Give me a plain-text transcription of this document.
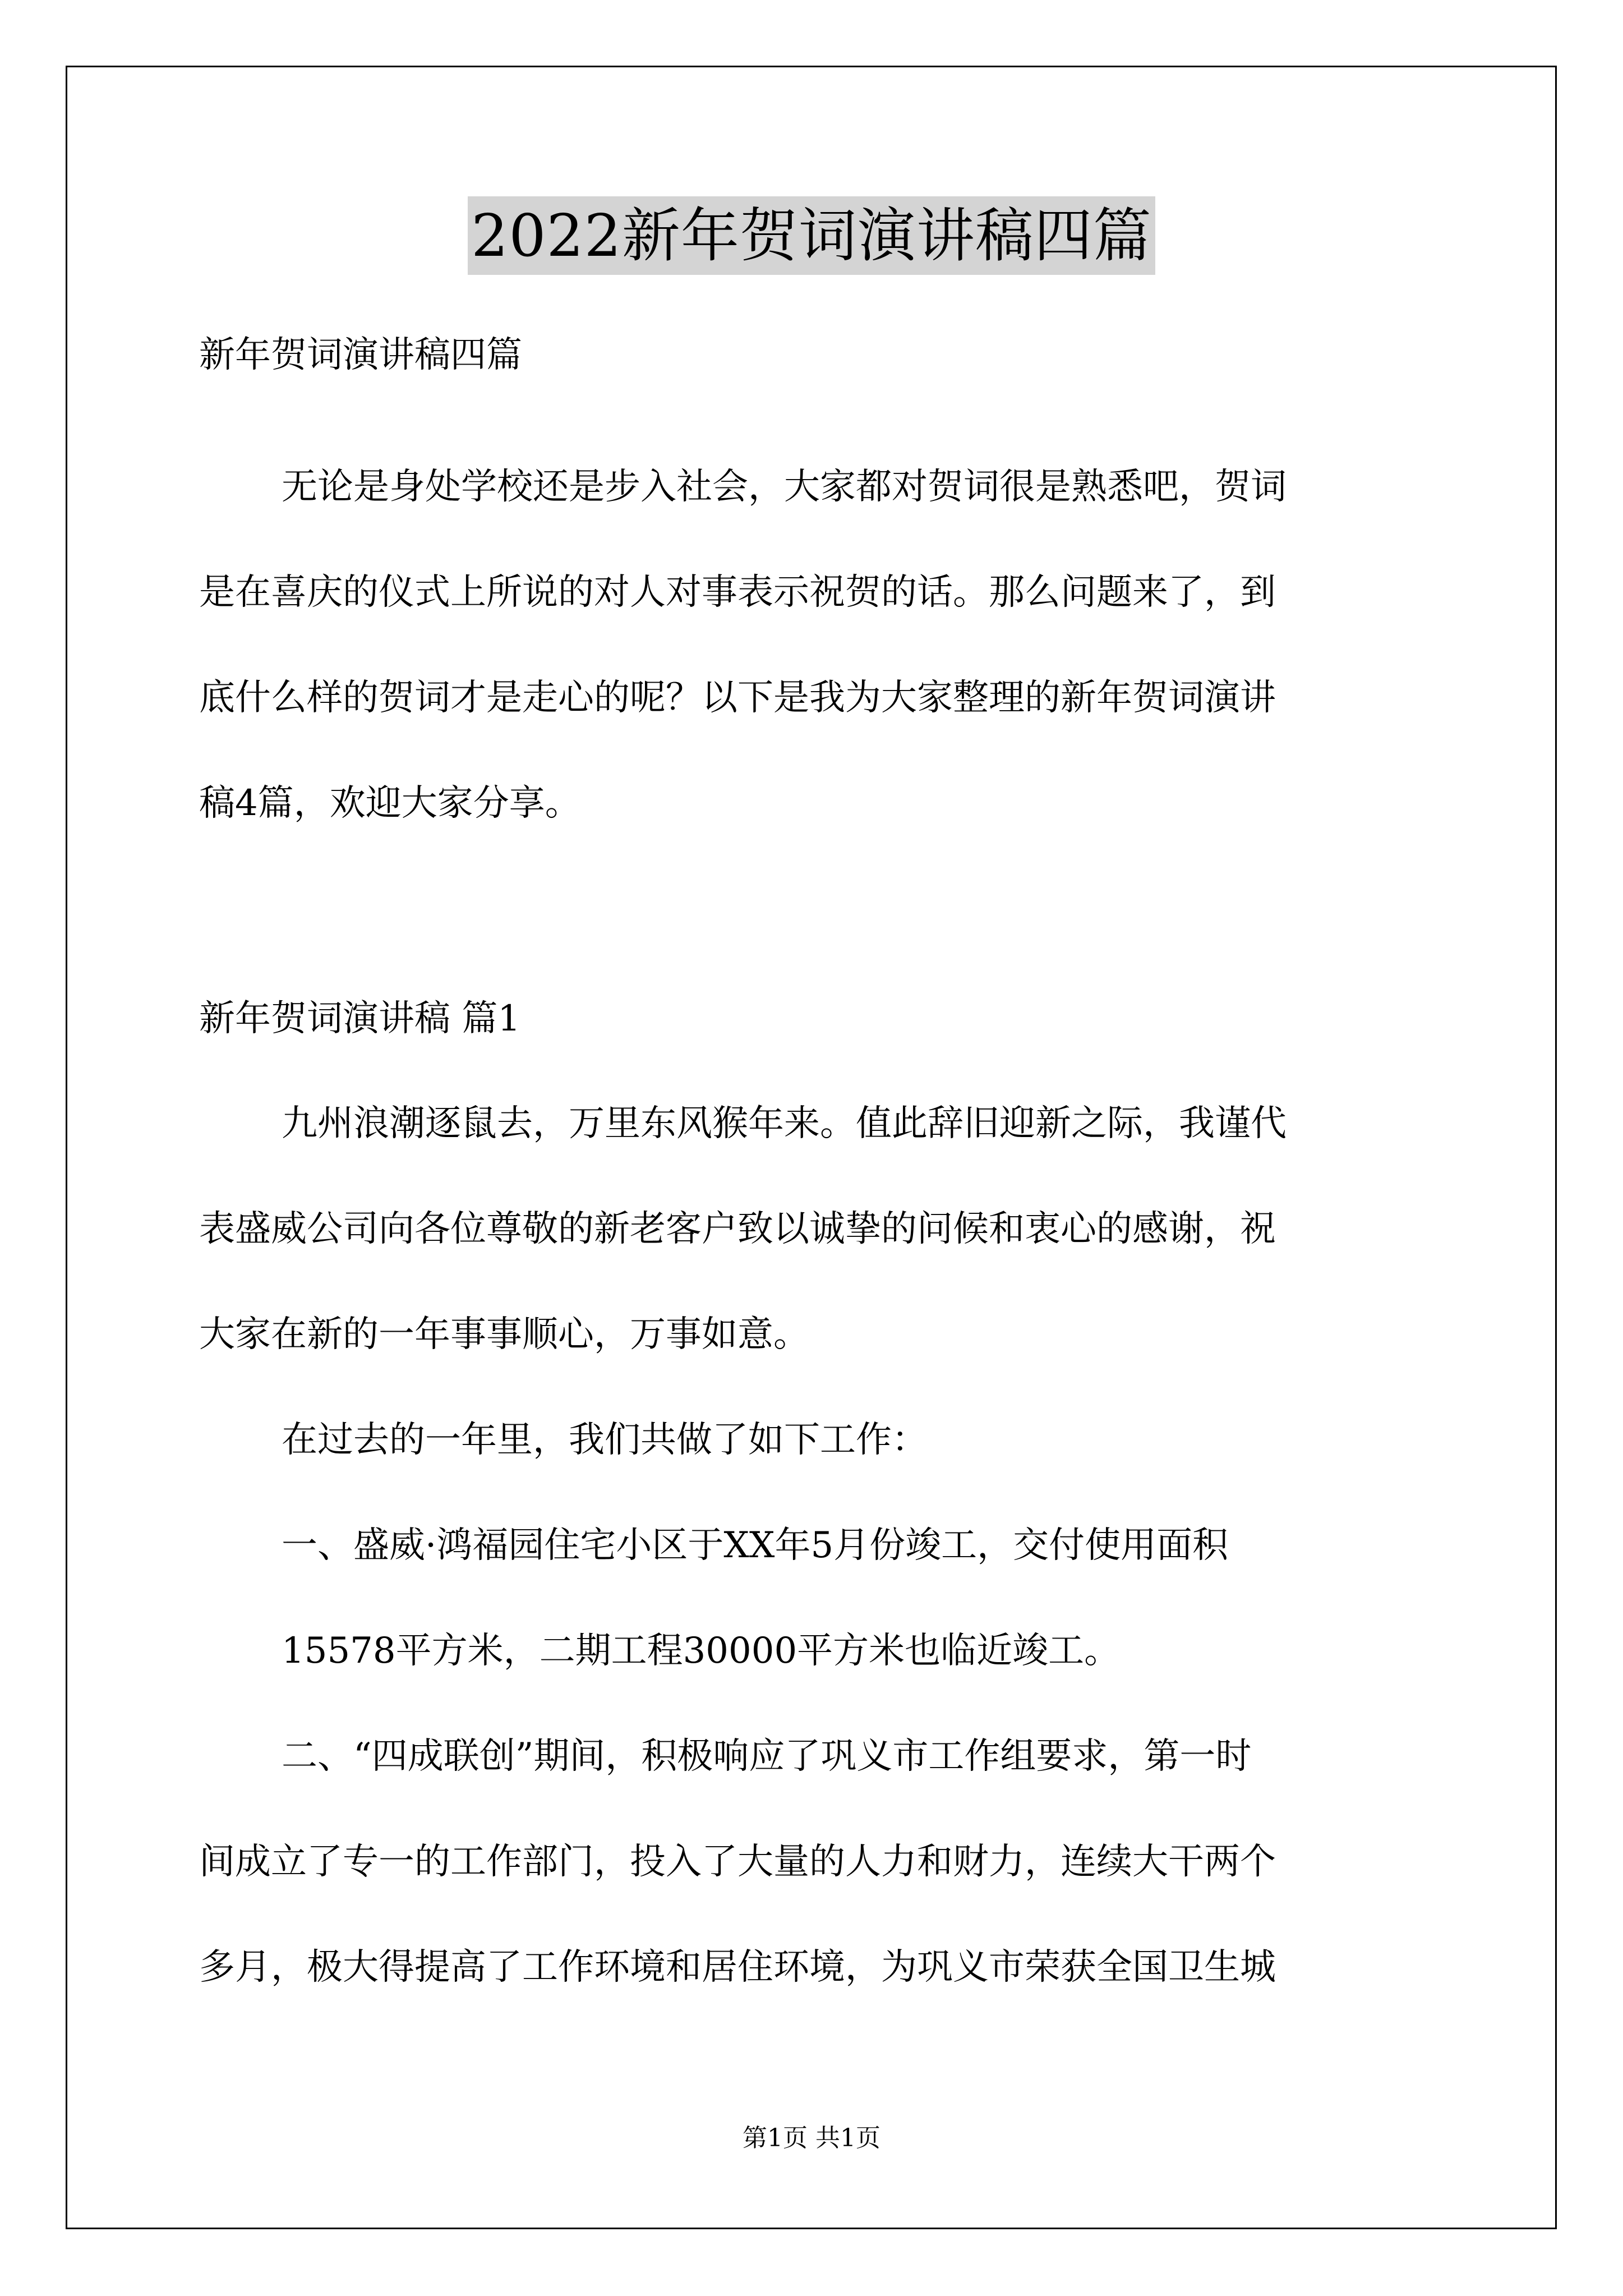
2022新年贺词演讲稿四篇
新年贺词演讲稿四篇
无论是身处学校还是步入社会，大家都对贺词很是熟悉吧，贺词
是在喜庆的仪式上所说的对人对事表示祝贺的话。那么问题来了，到
底什么样的贺词才是走心的呢？以下是我为大家整理的新年贺词演讲
稿4篇，欢迎大家分享。
新年贺词演讲稿 篇1
九州浪潮逐鼠去，万里东风猴年来。值此辞旧迎新之际，我谨代
表盛威公司向各位尊敬的新老客户致以诚挚的问候和衷心的感谢，祝
大家在新的一年事事顺心，万事如意。
在过去的一年里，我们共做了如下工作：
一、盛威·鸿福园住宅小区于XX年5月份竣工，交付使用面积
15578平方米，二期工程30000平方米也临近竣工。
二、“四成联创”期间，积极响应了巩义市工作组要求，第一时
间成立了专一的工作部门，投入了大量的人力和财力，连续大干两个
多月，极大得提高了工作环境和居住环境，为巩义市荣获全国卫生城
第1页 共1页
